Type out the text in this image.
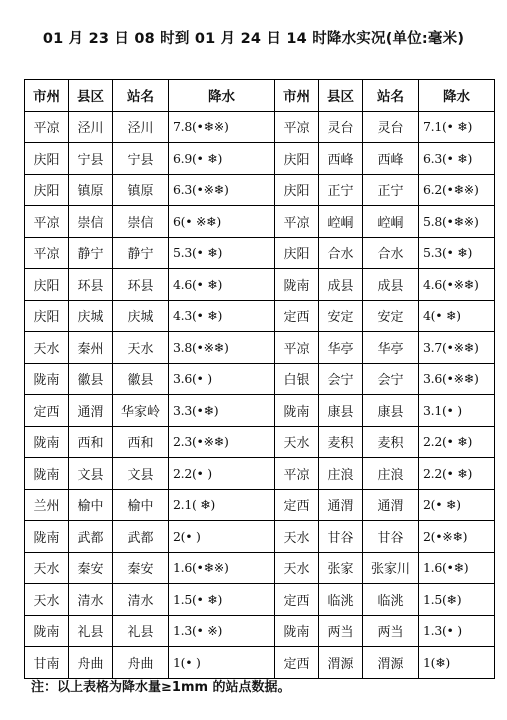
01 月 23 日 08 时到 01 月 24 日 14 时降水实况(单位:毫米)
市州	县区	站名	降水	市州	县区	站名	降水
平凉	泾川	泾川	7.8(•❄※)	平凉	灵台	灵台	7.1(• ❄)
庆阳	宁县	宁县	6.9(• ❄)	庆阳	西峰	西峰	6.3(• ❄)
庆阳	镇原	镇原	6.3(•※❄)	庆阳	正宁	正宁	6.2(•❄※)
平凉	崇信	崇信	6(• ※❄)	平凉	崆峒	崆峒	5.8(•❄※)
平凉	静宁	静宁	5.3(• ❄)	庆阳	合水	合水	5.3(• ❄)
庆阳	环县	环县	4.6(• ❄)	陇南	成县	成县	4.6(•※❄)
庆阳	庆城	庆城	4.3(• ❄)	定西	安定	安定	4(• ❄)
天水	秦州	天水	3.8(•※❄)	平凉	华亭	华亭	3.7(•※❄)
陇南	徽县	徽县	3.6(• )	白银	会宁	会宁	3.6(•※❄)
定西	通渭	华家岭	3.3(•❄)	陇南	康县	康县	3.1(• )
陇南	西和	西和	2.3(•※❄)	天水	麦积	麦积	2.2(• ❄)
陇南	文县	文县	2.2(• )	平凉	庄浪	庄浪	2.2(• ❄)
兰州	榆中	榆中	2.1( ❄)	定西	通渭	通渭	2(• ❄)
陇南	武都	武都	2(• )	天水	甘谷	甘谷	2(•※❄)
天水	秦安	秦安	1.6(•❄※)	天水	张家	张家川	1.6(•❄)
天水	清水	清水	1.5(• ❄)	定西	临洮	临洮	1.5(❄)
陇南	礼县	礼县	1.3(• ※)	陇南	两当	两当	1.3(• )
甘南	舟曲	舟曲	1(• )	定西	渭源	渭源	1(❄)
注：以上表格为降水量≥1mm 的站点数据。
